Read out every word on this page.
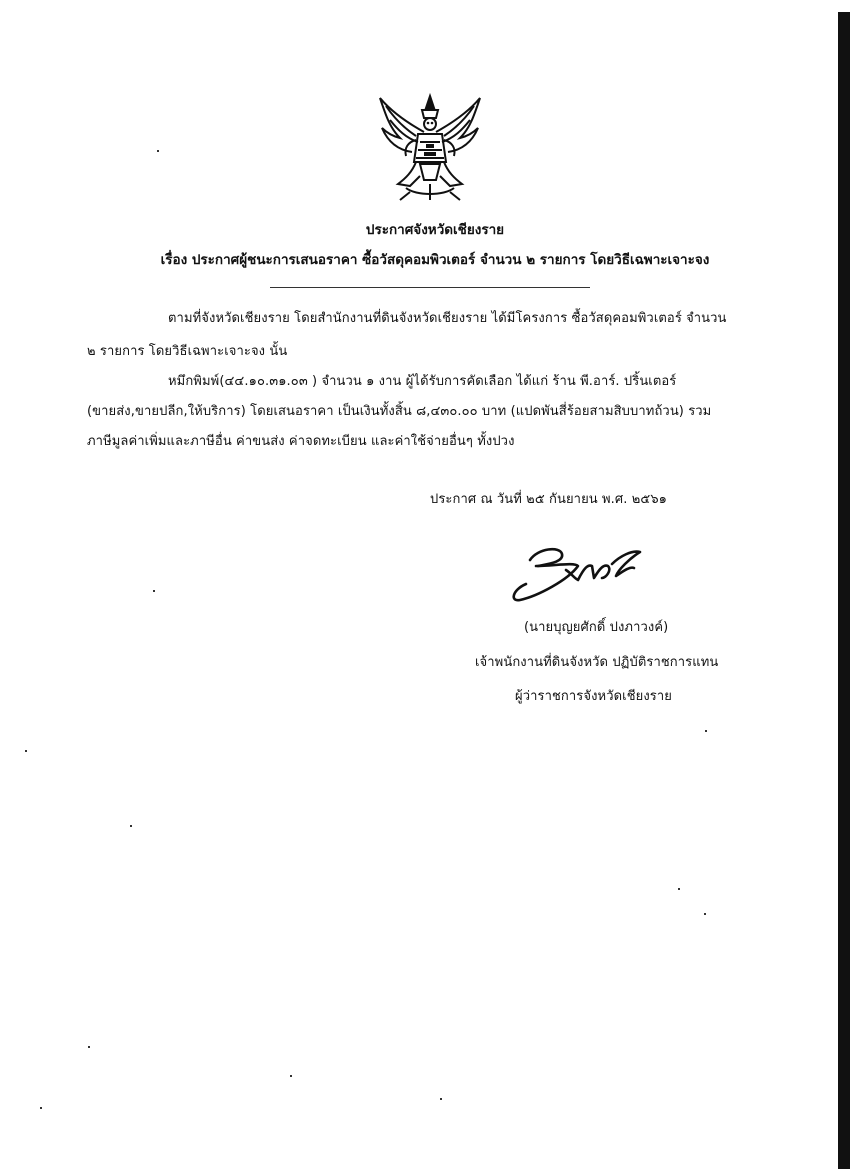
ประกาศจังหวัดเชียงราย
เรื่อง ประกาศผู้ชนะการเสนอราคา ซื้อวัสดุคอมพิวเตอร์ จำนวน ๒ รายการ โดยวิธีเฉพาะเจาะจง
ตามที่จังหวัดเชียงราย โดยสำนักงานที่ดินจังหวัดเชียงราย ได้มีโครงการ ซื้อวัสดุคอมพิวเตอร์ จำนวน
๒ รายการ โดยวิธีเฉพาะเจาะจง นั้น
หมึกพิมพ์(๔๔.๑๐.๓๑.๐๓ ) จำนวน ๑ งาน ผู้ได้รับการคัดเลือก ได้แก่ ร้าน พี.อาร์. ปริ้นเตอร์
(ขายส่ง,ขายปลีก,ให้บริการ) โดยเสนอราคา เป็นเงินทั้งสิ้น ๘,๔๓๐.๐๐ บาท (แปดพันสี่ร้อยสามสิบบาทถ้วน) รวม
ภาษีมูลค่าเพิ่มและภาษีอื่น ค่าขนส่ง ค่าจดทะเบียน และค่าใช้จ่ายอื่นๆ ทั้งปวง
ประกาศ ณ วันที่ ๒๕ กันยายน พ.ศ. ๒๕๖๑
(นายบุญยศักดิ์ ปงภาวงค์)
เจ้าพนักงานที่ดินจังหวัด ปฏิบัติราชการแทน
ผู้ว่าราชการจังหวัดเชียงราย
